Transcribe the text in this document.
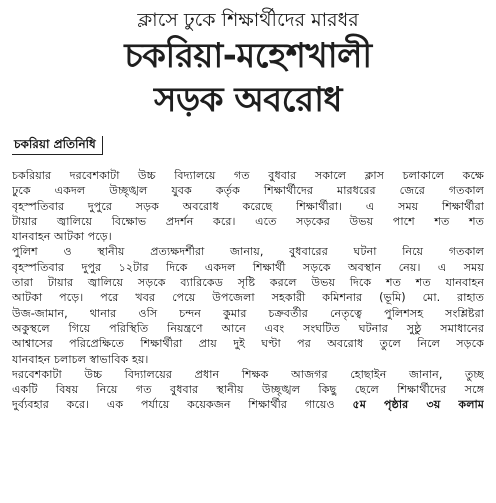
ক্লাসে ঢুকে শিক্ষার্থীদের মারধর
চকরিয়া-মহেশখালী
সড়ক অবরোধ
চকরিয়া প্রতিনিধি
চকরিয়ার দরবেশকাটা উচ্চ বিদ্যালয়ে গত বুধবার সকালে ক্লাস চলাকালে কক্ষে
ঢুকে একদল উচ্ছৃঙ্খল যুবক কর্তৃক শিক্ষার্থীদের মারধরের জেরে গতকাল
বৃহস্পতিবার দুপুরে সড়ক অবরোধ করেছে শিক্ষার্থীরা। এ সময় শিক্ষার্থীরা
টায়ার জ্বালিয়ে বিক্ষোভ প্রদর্শন করে। এতে সড়কের উভয় পাশে শত শত
যানবাহন আটকা পড়ে।
পুলিশ ও স্থানীয় প্রত্যক্ষদর্শীরা জানায়, বুধবারের ঘটনা নিয়ে গতকাল
বৃহস্পতিবার দুপুর ১২টার দিকে একদল শিক্ষার্থী সড়কে অবস্থান নেয়। এ সময়
তারা টায়ার জ্বালিয়ে সড়কে ব্যারিকেড সৃষ্টি করলে উভয় দিকে শত শত যানবাহন
আটকা পড়ে। পরে খবর পেয়ে উপজেলা সহকারী কমিশনার (ভূমি) মো. রাহাত
উজ-জামান, থানার ওসি চন্দন কুমার চক্রবর্তীর নেতৃত্বে পুলিশসহ সংশ্লিষ্টরা
অকুস্থলে গিয়ে পরিস্থিতি নিয়ন্ত্রণে আনে এবং সংঘটিত ঘটনার সুষ্ঠু সমাধানের
আশ্বাসের পরিপ্রেক্ষিতে শিক্ষার্থীরা প্রায় দুই ঘণ্টা পর অবরোধ তুলে নিলে সড়কে
যানবাহন চলাচল স্বাভাবিক হয়।
দরবেশকাটা উচ্চ বিদ্যালয়ের প্রধান শিক্ষক আজগর হোছাইন জানান, তুচ্ছ
একটি বিষয় নিয়ে গত বুধবার স্থানীয় উচ্ছৃঙ্খল কিছু ছেলে শিক্ষার্থীদের সঙ্গে
দুর্ব্যবহার করে। এক পর্যায়ে কয়েকজন শিক্ষার্থীর গায়েও ৫ম পৃষ্ঠার ৩য় কলাম
